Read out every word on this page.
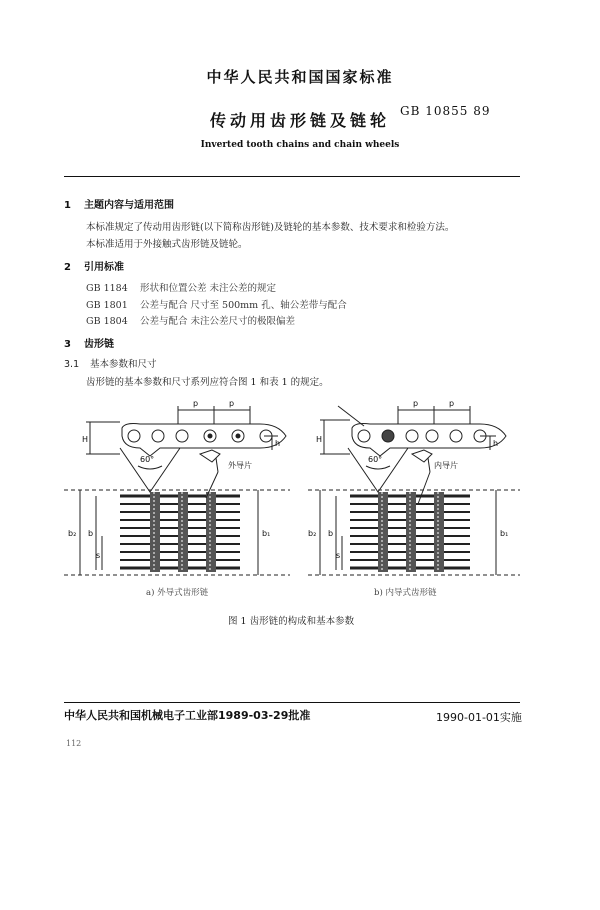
中华人民共和国国家标准
传动用齿形链及链轮 GB 10855 89
Inverted tooth chains and chain wheels
1 主题内容与适用范围
本标准规定了传动用齿形链(以下简称齿形链)及链轮的基本参数、技术要求和检验方法。
本标准适用于外接触式齿形链及链轮。
2 引用标准
GB 1184 形状和位置公差 未注公差的规定
GB 1801 公差与配合 尺寸至 500mm 孔、轴公差带与配合
GB 1804 公差与配合 未注公差尺寸的极限偏差
3 齿形链
3.1 基本参数和尺寸
齿形链的基本参数和尺寸系列应符合图 1 和表 1 的规定。
H
p	p
60°
h
外导片
b₂ b
s
b₁
H
p	p
60°
h
内导片
b₂ b
s
b₁
a) 外导式齿形链	b) 内导式齿形链
图 1 齿形链的构成和基本参数
中华人民共和国机械电子工业部1989-03-29批准	1990-01-01实施
112
